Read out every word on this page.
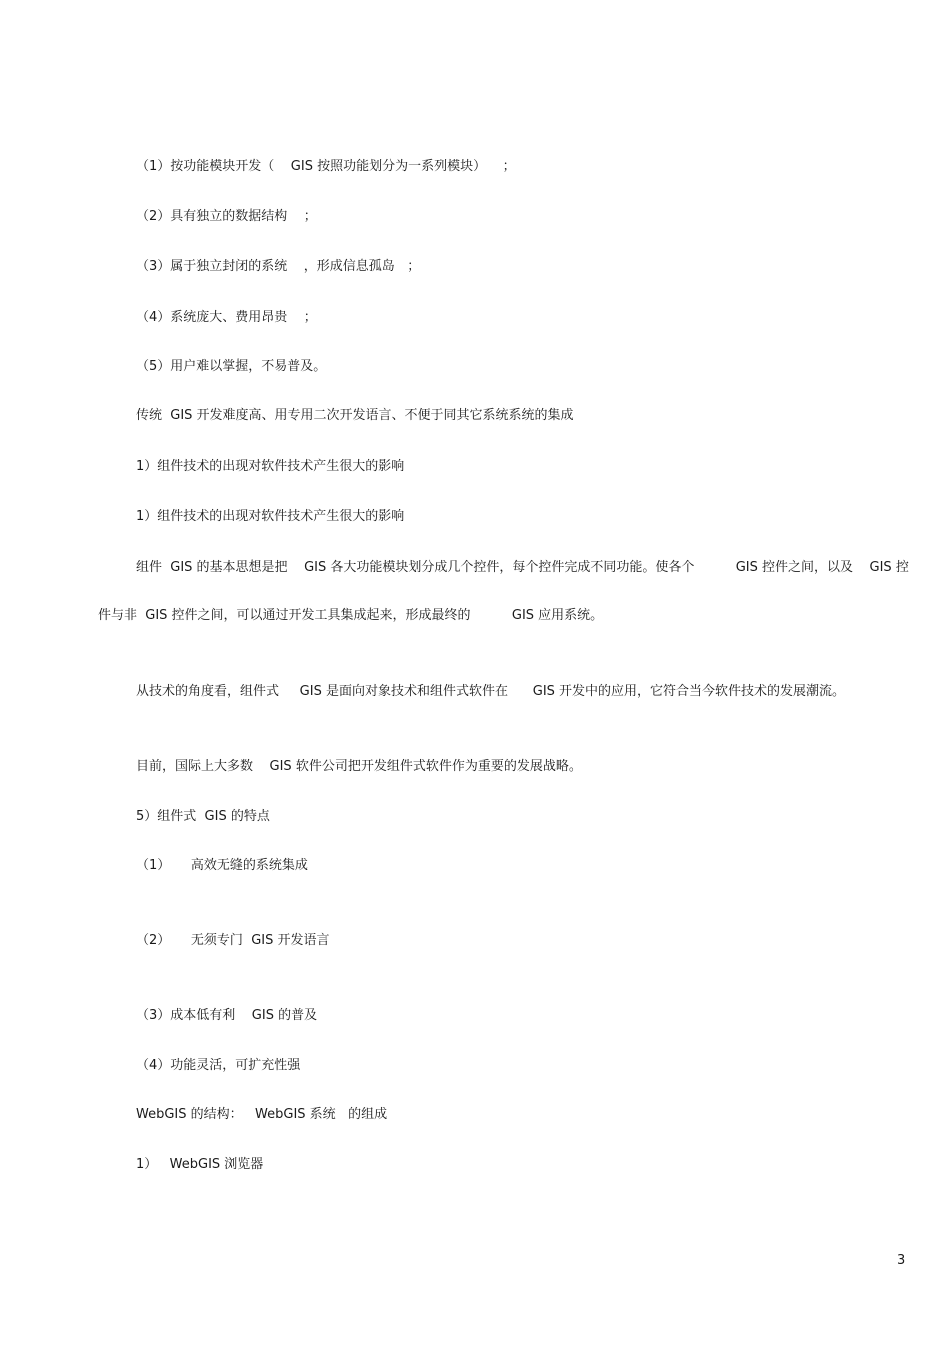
（1）按功能模块开发（    GIS 按照功能划分为一系列模块）    ；
（2）具有独立的数据结构    ；
（3）属于独立封闭的系统    ，形成信息孤岛   ；
（4）系统庞大、费用昂贵    ；
（5）用户难以掌握，不易普及。
传统  GIS 开发难度高、用专用二次开发语言、不便于同其它系统系统的集成
1）组件技术的出现对软件技术产生很大的影响
1）组件技术的出现对软件技术产生很大的影响
组件  GIS 的基本思想是把    GIS 各大功能模块划分成几个控件，每个控件完成不同功能。使各个          GIS 控件之间，以及    GIS 控
件与非  GIS 控件之间，可以通过开发工具集成起来，形成最终的          GIS 应用系统。
从技术的角度看，组件式     GIS 是面向对象技术和组件式软件在      GIS 开发中的应用，它符合当今软件技术的发展潮流。
目前，国际上大多数    GIS 软件公司把开发组件式软件作为重要的发展战略。
5）组件式  GIS 的特点
（1）     高效无缝的系统集成
（2）     无须专门  GIS 开发语言
（3）成本低有利    GIS 的普及
（4）功能灵活，可扩充性强
WebGIS 的结构：   WebGIS 系统   的组成
1）   WebGIS 浏览器
3
